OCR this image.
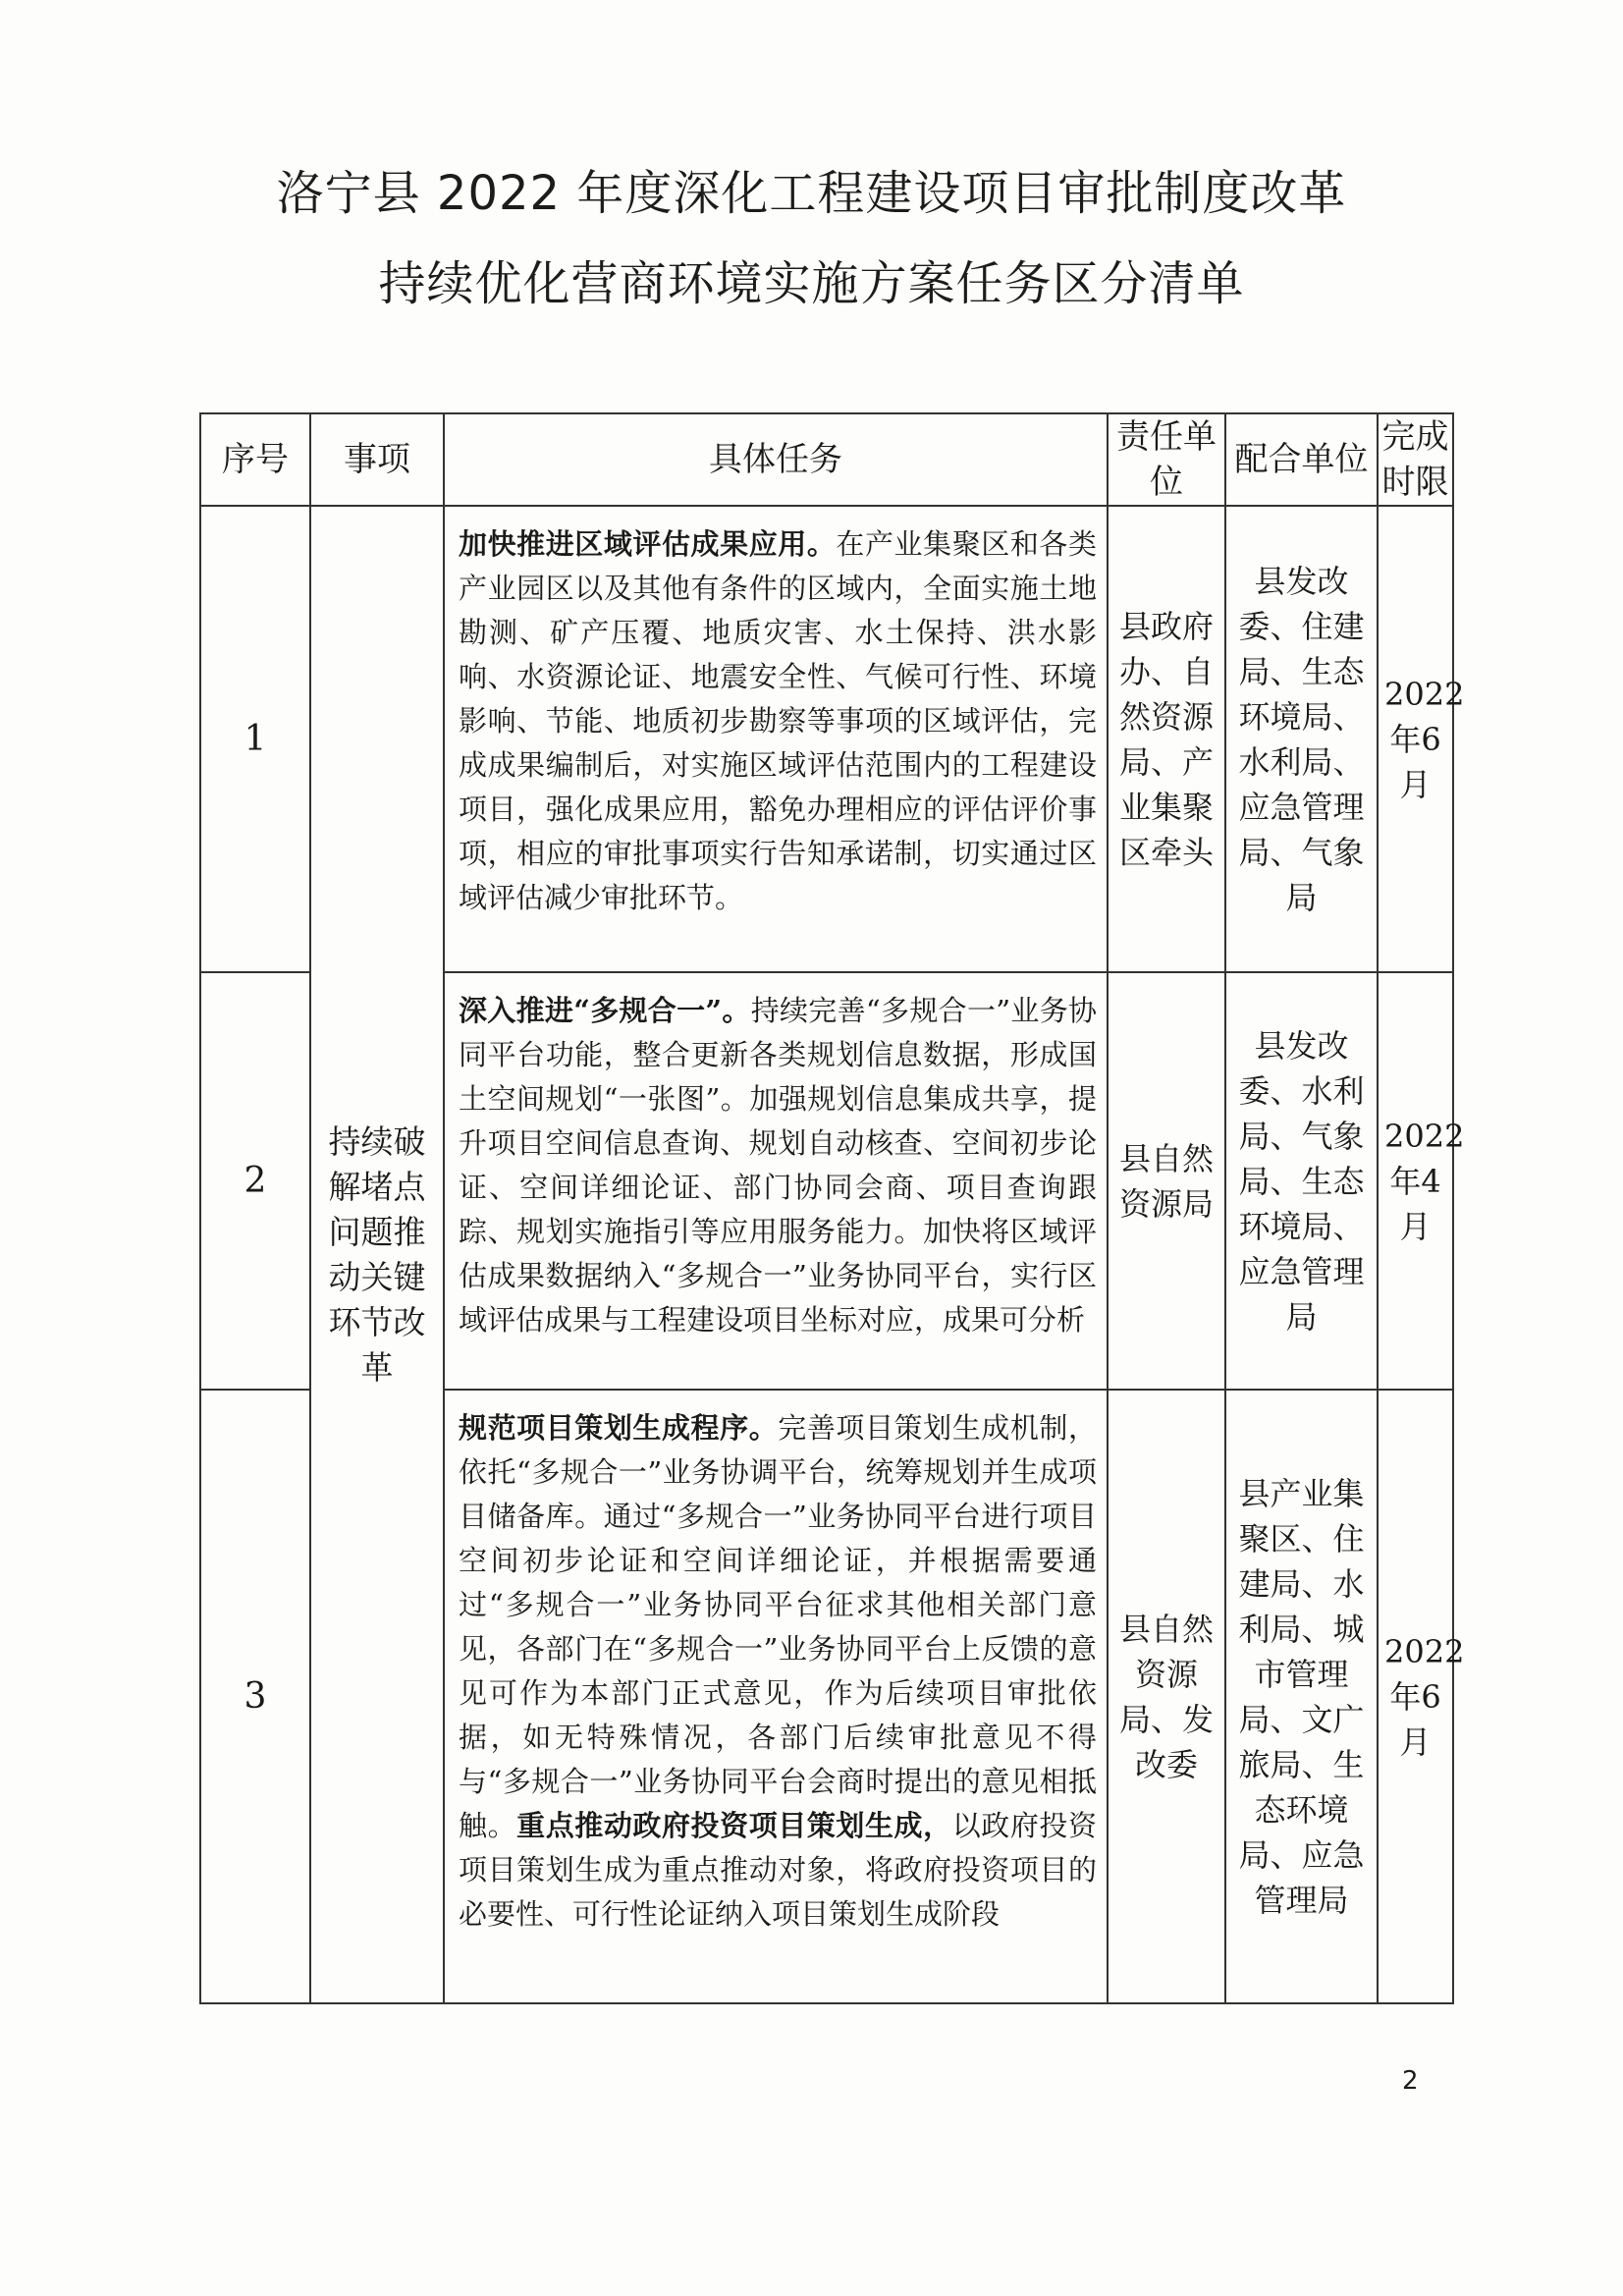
洛宁县 2022 年度深化工程建设项目审批制度改革
持续优化营商环境实施方案任务区分清单
序号	事项	具体任务	责任单位	配合单位	完成时限
1	持续破解堵点问题推动关键环节改革	加快推进区域评估成果应用。在产业集聚区和各类产业园区以及其他有条件的区域内，全面实施土地勘测、矿产压覆、地质灾害、水土保持、洪水影响、水资源论证、地震安全性、气候可行性、环境影响、节能、地质初步勘察等事项的区域评估，完成成果编制后，对实施区域评估范围内的工程建设项目，强化成果应用，豁免办理相应的评估评价事项，相应的审批事项实行告知承诺制，切实通过区域评估减少审批环节。	县政府办、自然资源局、产业集聚区牵头	县发改委、住建局、生态环境局、水利局、应急管理局、气象局	2022年6月
2		深入推进“多规合一”。持续完善“多规合一”业务协同平台功能，整合更新各类规划信息数据，形成国土空间规划“一张图”。加强规划信息集成共享，提升项目空间信息查询、规划自动核查、空间初步论证、空间详细论证、部门协同会商、项目查询跟踪、规划实施指引等应用服务能力。加快将区域评估成果数据纳入“多规合一”业务协同平台，实行区域评估成果与工程建设项目坐标对应，成果可分析	县自然资源局	县发改委、水利局、气象局、生态环境局、应急管理局	2022年4月
3		规范项目策划生成程序。完善项目策划生成机制，依托“多规合一”业务协调平台，统筹规划并生成项目储备库。通过“多规合一”业务协同平台进行项目空间初步论证和空间详细论证，并根据需要通过“多规合一”业务协同平台征求其他相关部门意见，各部门在“多规合一”业务协同平台上反馈的意见可作为本部门正式意见，作为后续项目审批依据，如无特殊情况，各部门后续审批意见不得与“多规合一”业务协同平台会商时提出的意见相抵触。重点推动政府投资项目策划生成，以政府投资项目策划生成为重点推动对象，将政府投资项目的必要性、可行性论证纳入项目策划生成阶段	县自然资源局、发改委	县产业集聚区、住建局、水利局、城市管理局、文广旅局、生态环境局、应急管理局	2022年6月
2
